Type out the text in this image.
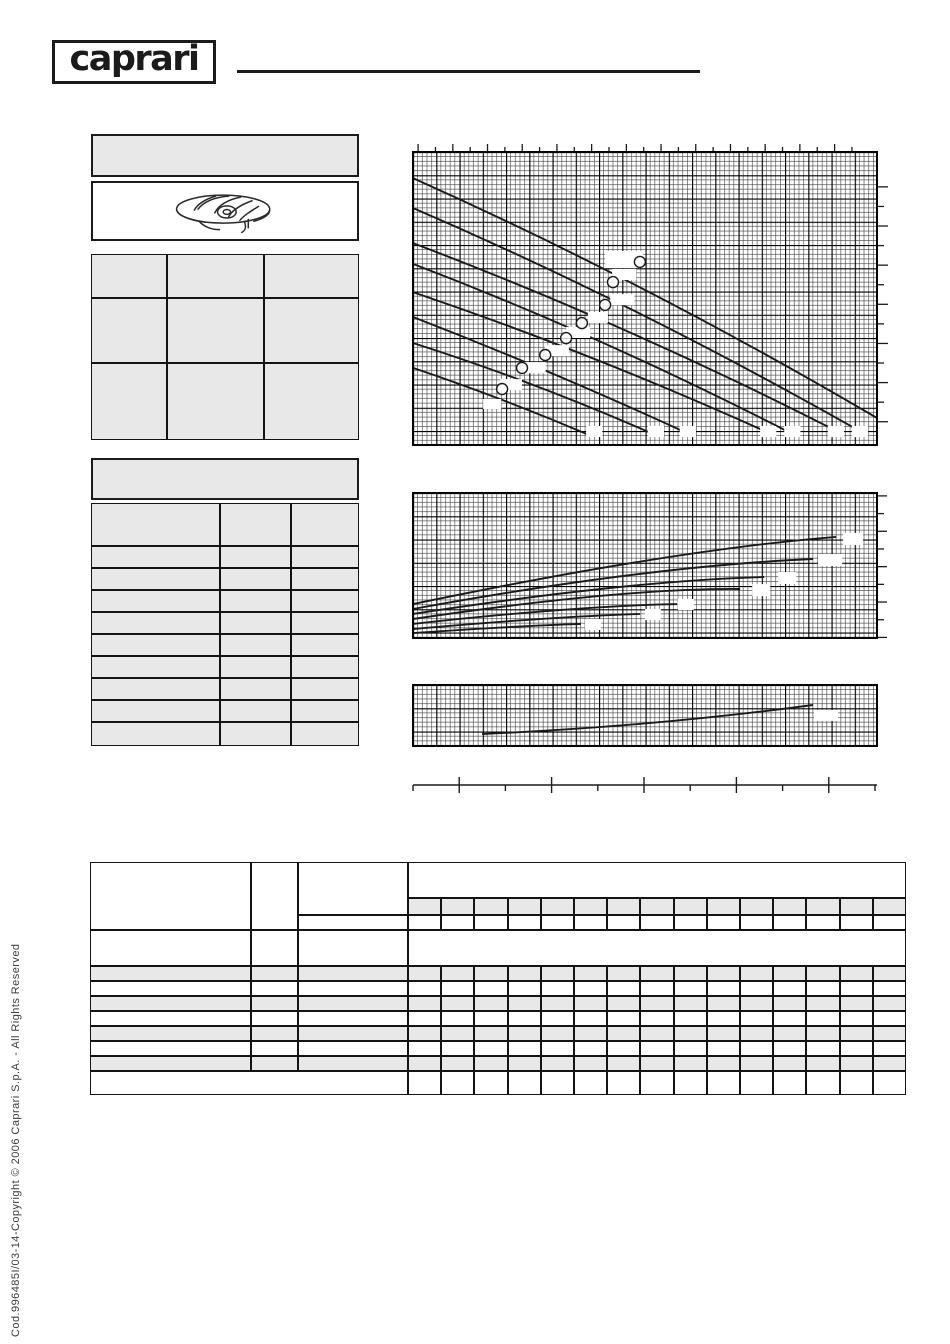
caprari
Cod.996485I/03-14-Copyright © 2006 Caprari S.p.A. - All Rights Reserved
